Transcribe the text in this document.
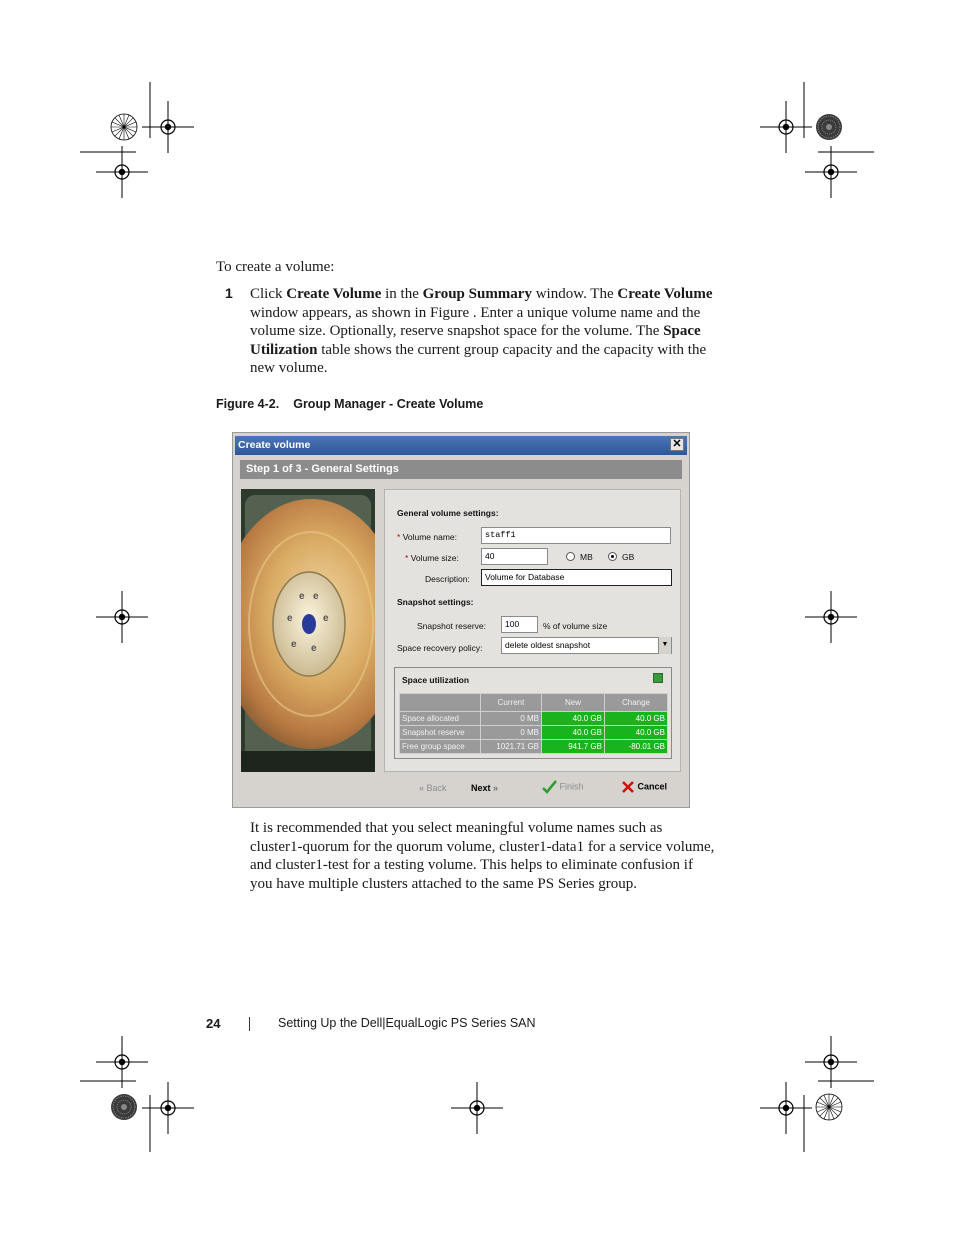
To create a volume:
1 Click Create Volume in the Group Summary window. The Create Volume window appears, as shown in Figure . Enter a unique volume name and the volume size. Optionally, reserve snapshot space for the volume. The Space Utilization table shows the current group capacity and the capacity with the new volume.
Figure 4-2. Group Manager - Create Volume
Create volume	✕
Step 1 of 3 - General Settings
e e
e	e
e e
General volume settings:
* Volume name:	staff1
* Volume size:	40	MB	GB
Description:	Volume for Database
Snapshot settings:
Snapshot reserve:	100	% of volume size
Space recovery policy:	delete oldest snapshot	▼
Space utilization
	Current	New	Change
Space allocated	0 MB	40.0 GB	40.0 GB
Snapshot reserve	0 MB	40.0 GB	40.0 GB
Free group space	1021.71 GB	941.7 GB	-80.01 GB
« Back	Next »	Finish	Cancel
It is recommended that you select meaningful volume names such as cluster1-quorum for the quorum volume, cluster1-data1 for a service volume, and cluster1-test for a testing volume. This helps to eliminate confusion if you have multiple clusters attached to the same PS Series group.
24	Setting Up the Dell|EqualLogic PS Series SAN
